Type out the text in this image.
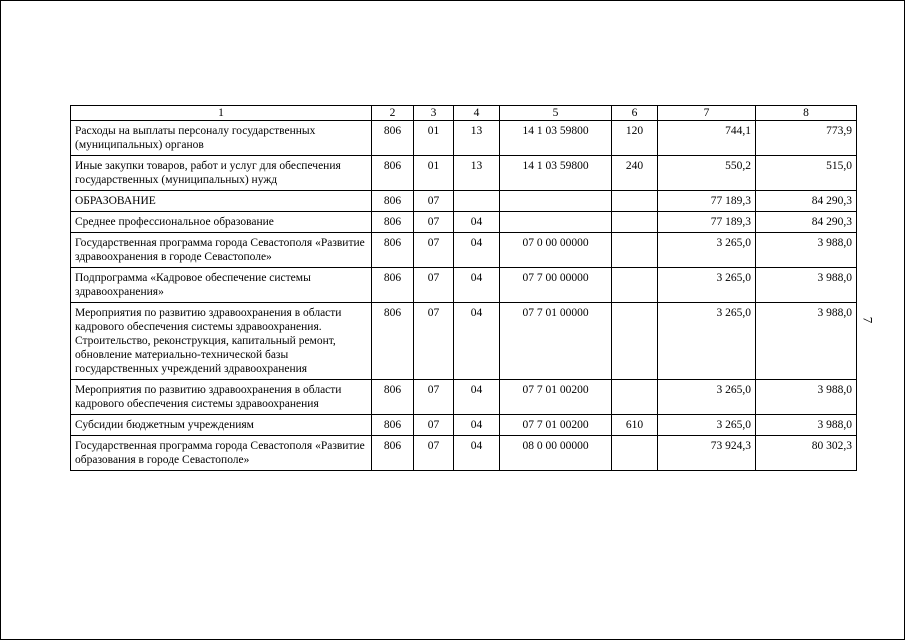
1	2	3	4	5	6	7	8
Расходы на выплаты персоналу государственных (муниципальных) органов	806	01	13	14 1 03 59800	120	744,1	773,9
Иные закупки товаров, работ и услуг для обеспечения государственных (муниципальных) нужд	806	01	13	14 1 03 59800	240	550,2	515,0
ОБРАЗОВАНИЕ	806	07				77 189,3	84 290,3
Среднее профессиональное образование	806	07	04			77 189,3	84 290,3
Государственная программа города Севастополя «Развитие здравоохранения в городе Севастополе»	806	07	04	07 0 00 00000		3 265,0	3 988,0
Подпрограмма «Кадровое обеспечение системы здравоохранения»	806	07	04	07 7 00 00000		3 265,0	3 988,0
Мероприятия по развитию здравоохранения в области кадрового обеспечения системы здравоохранения. Строительство, реконструкция, капитальный ремонт, обновление материально-технической базы государственных учреждений здравоохранения	806	07	04	07 7 01 00000		3 265,0	3 988,0
Мероприятия по развитию здравоохранения в области кадрового обеспечения системы здравоохранения	806	07	04	07 7 01 00200		3 265,0	3 988,0
Субсидии бюджетным учреждениям	806	07	04	07 7 01 00200	610	3 265,0	3 988,0
Государственная программа города Севастополя «Развитие образования в городе Севастополе»	806	07	04	08 0 00 00000		73 924,3	80 302,3
7
